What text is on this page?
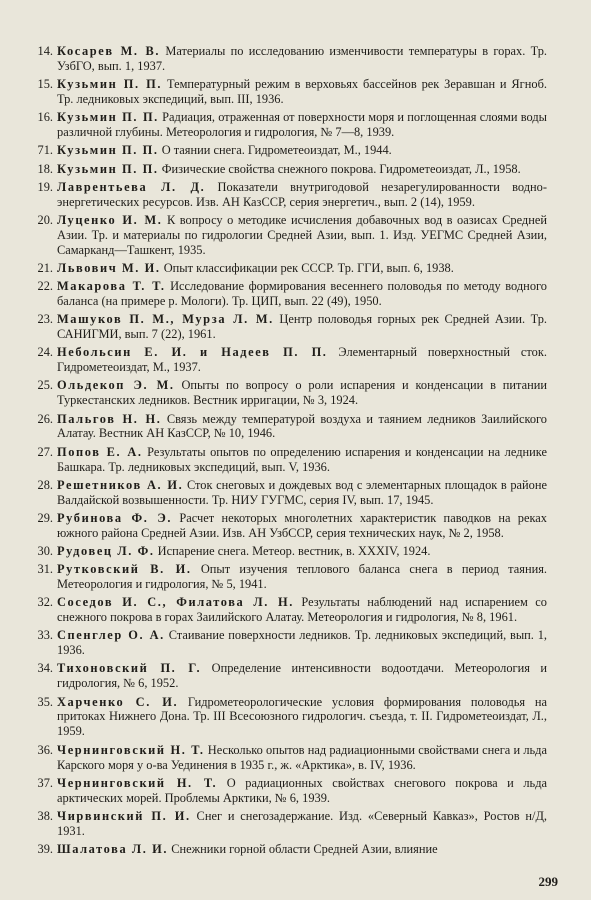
14. Косарев М. В. Материалы по исследованию изменчивости температуры в горах. Тр. УзбГО, вып. 1, 1937.
15. Кузьмин П. П. Температурный режим в верховьях бассейнов рек Зеравшан и Ягноб. Тр. ледниковых экспедиций, вып. III, 1936.
16. Кузьмин П. П. Радиация, отраженная от поверхности моря и поглощенная слоями воды различной глубины. Метеорология и гидрология, № 7—8, 1939.
71. Кузьмин П. П. О таянии снега. Гидрометеоиздат, М., 1944.
18. Кузьмин П. П. Физические свойства снежного покрова. Гидрометеоиздат, Л., 1958.
19. Лаврентьева Л. Д. Показатели внутригодовой незарегулированности водно-энергетических ресурсов. Изв. АН КазССР, серия энергетич., вып. 2 (14), 1959.
20. Луценко И. М. К вопросу о методике исчисления добавочных вод в оазисах Средней Азии. Тр. и материалы по гидрологии Средней Азии, вып. 1. Изд. УЕГМС Средней Азии, Самарканд—Ташкент, 1935.
21. Львович М. И. Опыт классификации рек СССР. Тр. ГГИ, вып. 6, 1938.
22. Макарова Т. Т. Исследование формирования весеннего половодья по методу водного баланса (на примере р. Мологи). Тр. ЦИП, вып. 22 (49), 1950.
23. Машуков П. М., Мурза Л. М. Центр половодья горных рек Средней Азии. Тр. САНИГМИ, вып. 7 (22), 1961.
24. Небольсин Е. И. и Надеев П. П. Элементарный поверхностный сток. Гидрометеоиздат, М., 1937.
25. Ольдекоп Э. М. Опыты по вопросу о роли испарения и конденсации в питании Туркестанских ледников. Вестник ирригации, № 3, 1924.
26. Пальгов Н. Н. Связь между температурой воздуха и таянием ледников Заилийского Алатау. Вестник АН КазССР, № 10, 1946.
27. Попов Е. А. Результаты опытов по определению испарения и конденсации на леднике Башкара. Тр. ледниковых экспедиций, вып. V, 1936.
28. Решетников А. И. Сток снеговых и дождевых вод с элементарных площадок в районе Валдайской возвышенности. Тр. НИУ ГУГМС, серия IV, вып. 17, 1945.
29. Рубинова Ф. Э. Расчет некоторых многолетних характеристик паводков на реках южного района Средней Азии. Изв. АН УзбССР, серия технических наук, № 2, 1958.
30. Рудовец Л. Ф. Испарение снега. Метеор. вестник, в. XXXIV, 1924.
31. Рутковский В. И. Опыт изучения теплового баланса снега в период таяния. Метеорология и гидрология, № 5, 1941.
32. Соседов И. С., Филатова Л. Н. Результаты наблюдений над испарением со снежного покрова в горах Заилийского Алатау. Метеорология и гидрология, № 8, 1961.
33. Спенглер О. А. Стаивание поверхности ледников. Тр. ледниковых экспедиций, вып. 1, 1936.
34. Тихоновский П. Г. Определение интенсивности водоотдачи. Метеорология и гидрология, № 6, 1952.
35. Харченко С. И. Гидрометеорологические условия формирования половодья на притоках Нижнего Дона. Тр. III Всесоюзного гидрологич. съезда, т. II. Гидрометеоиздат, Л., 1959.
36. Чернинговский Н. Т. Несколько опытов над радиационными свойствами снега и льда Карского моря у о-ва Уединения в 1935 г., ж. «Арктика», в. IV, 1936.
37. Чернинговский Н. Т. О радиационных свойствах снегового покрова и льда арктических морей. Проблемы Арктики, № 6, 1939.
38. Чирвинский П. И. Снег и снегозадержание. Изд. «Северный Кавказ», Ростов н/Д, 1931.
39. Шалатова Л. И. Снежники горной области Средней Азии, влияние
299
